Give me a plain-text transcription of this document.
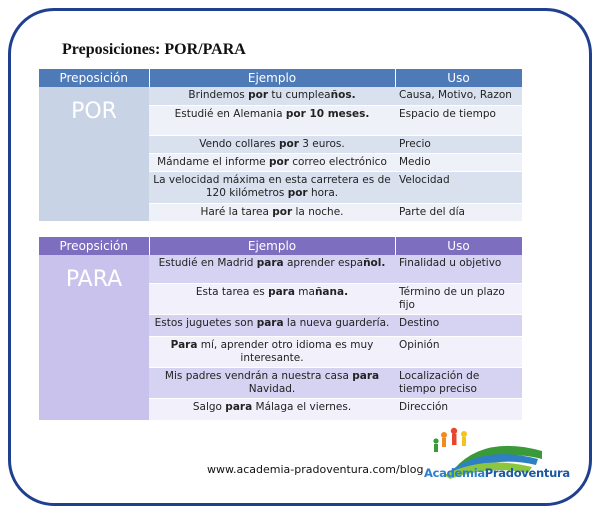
Preposiciones: POR/PARA
Preposición	Ejemplo	Uso
POR	Brindemos por tu cumpleaños.	Causa, Motivo, Razon
	Estudié en Alemania por 10 meses.	Espacio de tiempo
	Vendo collares por 3 euros.	Precio
	Mándame el informe por correo electrónico	Medio
	La velocidad máxima en esta carretera es de 120 kilómetros por hora.	Velocidad
	Haré la tarea por la noche.	Parte del día
Preopsición	Ejemplo	Uso
PARA	Estudié en Madrid para aprender español.	Finalidad u objetivo
	Esta tarea es para mañana.	Término de un plazo fijo
	Estos juguetes son para la nueva guardería.	Destino
	Para mí, aprender otro idioma es muy interesante.	Opinión
	Mis padres vendrán a nuestra casa para Navidad.	Localización de tiempo preciso
	Salgo para Málaga el viernes.	Dirección
www.academia-pradoventura.com/blog AcademiaPradoventura
